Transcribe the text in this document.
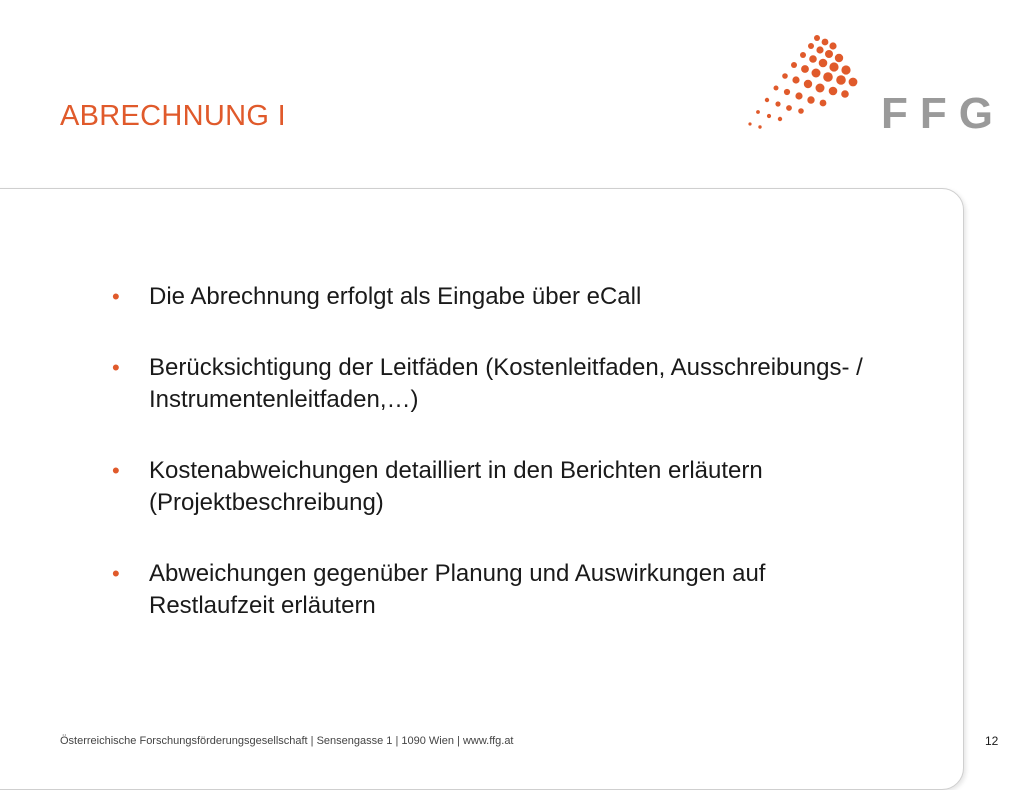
ABRECHNUNG I	FFG
• Die Abrechnung erfolgt als Eingabe über eCall
• Berücksichtigung der Leitfäden (Kostenleitfaden, Ausschreibungs- / Instrumentenleitfaden,…)
• Kostenabweichungen detailliert in den Berichten erläutern (Projektbeschreibung)
• Abweichungen gegenüber Planung und Auswirkungen auf Restlaufzeit erläutern
Österreichische Forschungsförderungsgesellschaft | Sensengasse 1 | 1090 Wien | www.ffg.at	12
